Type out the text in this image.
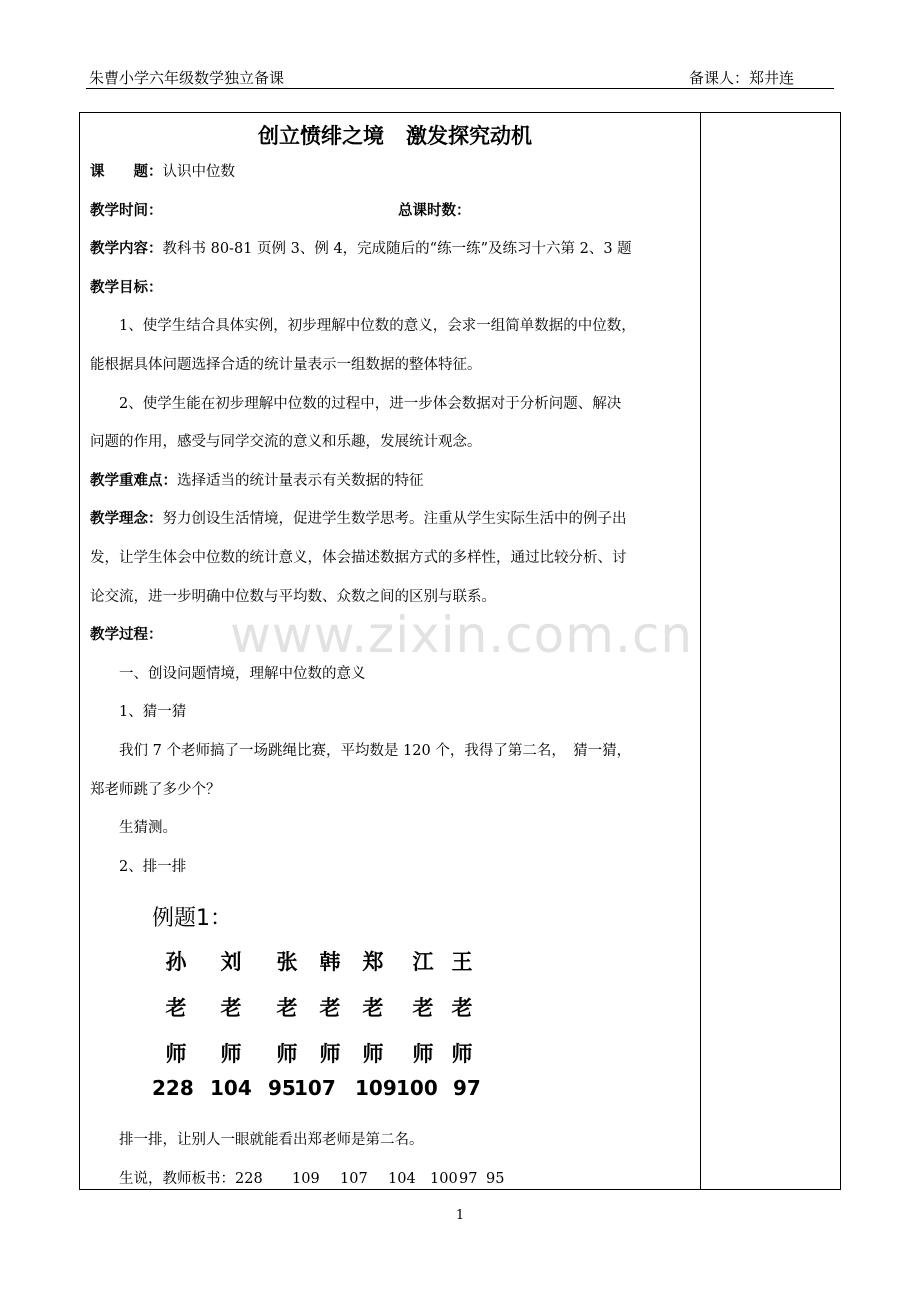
朱曹小学六年级数学独立备课	备课人：郑井连
创立愤绯之境 激发探究动机
课　　题：认识中位数
教学时间：	总课时数：
教学内容：教科书 80-81 页例 3、例 4，完成随后的“练一练”及练习十六第 2、3 题
教学目标：
1、使学生结合具体实例，初步理解中位数的意义，会求一组简单数据的中位数，
能根据具体问题选择合适的统计量表示一组数据的整体特征。
2、使学生能在初步理解中位数的过程中，进一步体会数据对于分析问题、解决
问题的作用，感受与同学交流的意义和乐趣，发展统计观念。
教学重难点：选择适当的统计量表示有关数据的特征
教学理念：努力创设生活情境，促进学生数学思考。注重从学生实际生活中的例子出
发，让学生体会中位数的统计意义，体会描述数据方式的多样性，通过比较分析、讨
论交流，进一步明确中位数与平均数、众数之间的区别与联系。
教学过程：
一、创设问题情境，理解中位数的意义
1、猜一猜
我们 7 个老师搞了一场跳绳比赛，平均数是 120 个，我得了第二名，　猜一猜，
郑老师跳了多少个？
生猜测。
2、排一排
例题1：
孙
老
师
刘
老
师
张
老
师
韩
老
师
郑
老
师
江
老
师
王
老
师
228 104 95
107 109 100 97
排一排，让别人一眼就能看出郑老师是第二名。
生说，教师板书：228 109 107 104 10097 95
www.zixin.com.cn
1
